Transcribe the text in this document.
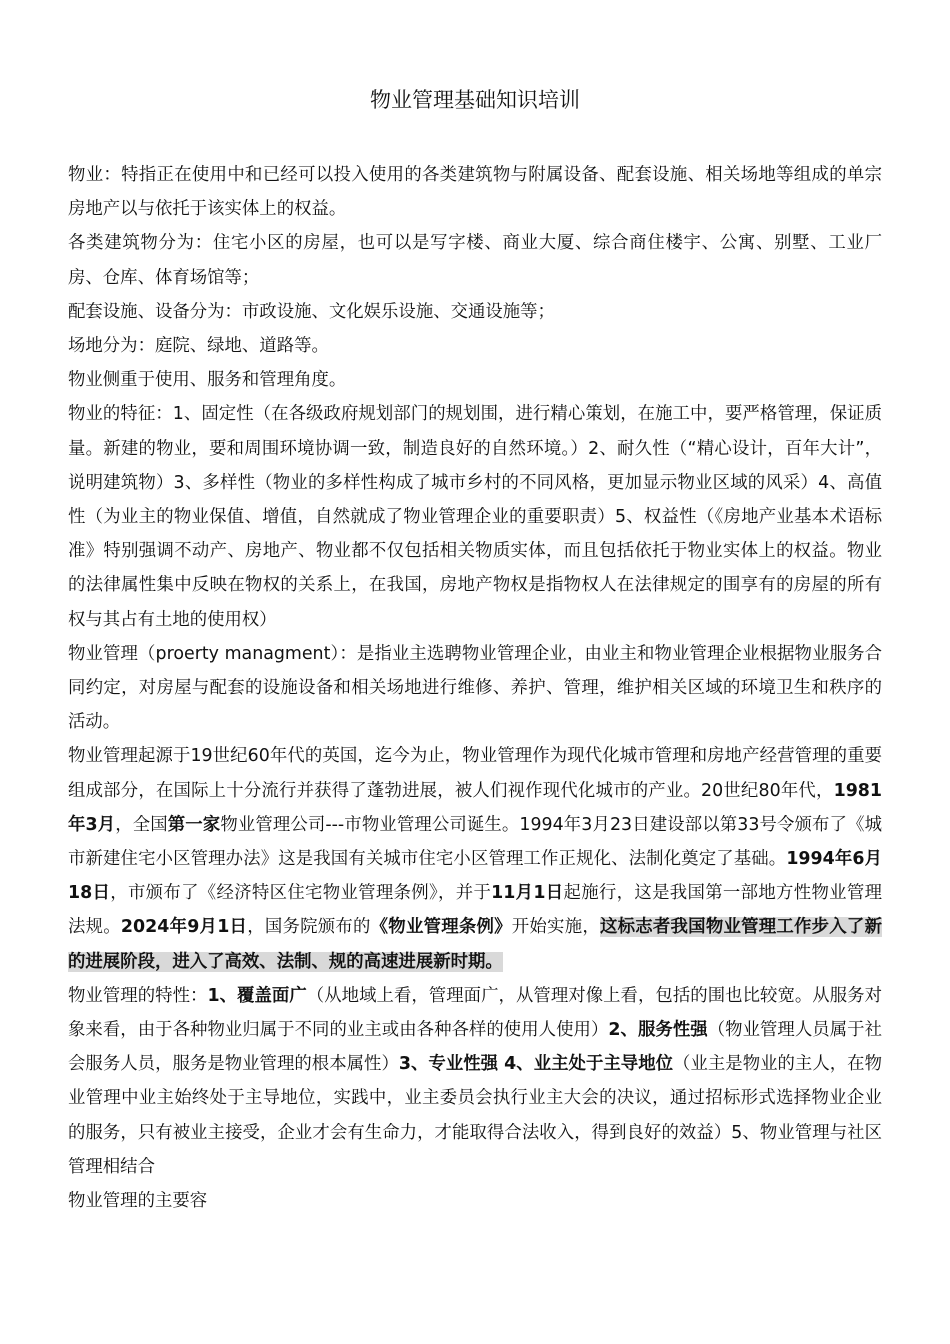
物业管理基础知识培训

物业：特指正在使用中和已经可以投入使用的各类建筑物与附属设备、配套设施、相关场地等组成的单宗房地产以与依托于该实体上的权益。

各类建筑物分为：住宅小区的房屋，也可以是写字楼、商业大厦、综合商住楼宇、公寓、别墅、工业厂房、仓库、体育场馆等；

配套设施、设备分为：市政设施、文化娱乐设施、交通设施等；

场地分为：庭院、绿地、道路等。

物业侧重于使用、服务和管理角度。

物业的特征：1、固定性（在各级政府规划部门的规划围，进行精心策划，在施工中，要严格管理，保证质量。新建的物业，要和周围环境协调一致，制造良好的自然环境。）2、耐久性（“精心设计，百年大计”，说明建筑物）3、多样性（物业的多样性构成了城市乡村的不同风格，更加显示物业区域的风采）4、高值性（为业主的物业保值、增值，自然就成了物业管理企业的重要职责）5、权益性（《房地产业基本术语标准》特别强调不动产、房地产、物业都不仅包括相关物质实体，而且包括依托于物业实体上的权益。物业的法律属性集中反映在物权的关系上，在我国，房地产物权是指物权人在法律规定的围享有的房屋的所有权与其占有土地的使用权）

物业管理（proerty managment）：是指业主选聘物业管理企业，由业主和物业管理企业根据物业服务合同约定，对房屋与配套的设施设备和相关场地进行维修、养护、管理，维护相关区域的环境卫生和秩序的活动。

物业管理起源于19世纪60年代的英国，迄今为止，物业管理作为现代化城市管理和房地产经营管理的重要组成部分，在国际上十分流行并获得了蓬勃进展，被人们视作现代化城市的产业。20世纪80年代，1981年3月，全国第一家物业管理公司---市物业管理公司诞生。1994年3月23日建设部以第33号令颁布了《城市新建住宅小区管理办法》这是我国有关城市住宅小区管理工作正规化、法制化奠定了基础。1994年6月18日，市颁布了《经济特区住宅物业管理条例》，并于11月1日起施行，这是我国第一部地方性物业管理法规。2024年9月1日，国务院颁布的《物业管理条例》开始实施，这标志者我国物业管理工作步入了新的进展阶段，进入了高效、法制、规的高速进展新时期。

物业管理的特性：1、覆盖面广（从地域上看，管理面广，从管理对像上看，包括的围也比较宽。从服务对象来看，由于各种物业归属于不同的业主或由各种各样的使用人使用）2、服务性强（物业管理人员属于社会服务人员，服务是物业管理的根本属性）3、专业性强 4、业主处于主导地位（业主是物业的主人，在物业管理中业主始终处于主导地位，实践中，业主委员会执行业主大会的决议，通过招标形式选择物业企业的服务，只有被业主接受，企业才会有生命力，才能取得合法收入，得到良好的效益）5、物业管理与社区管理相结合

物业管理的主要容
